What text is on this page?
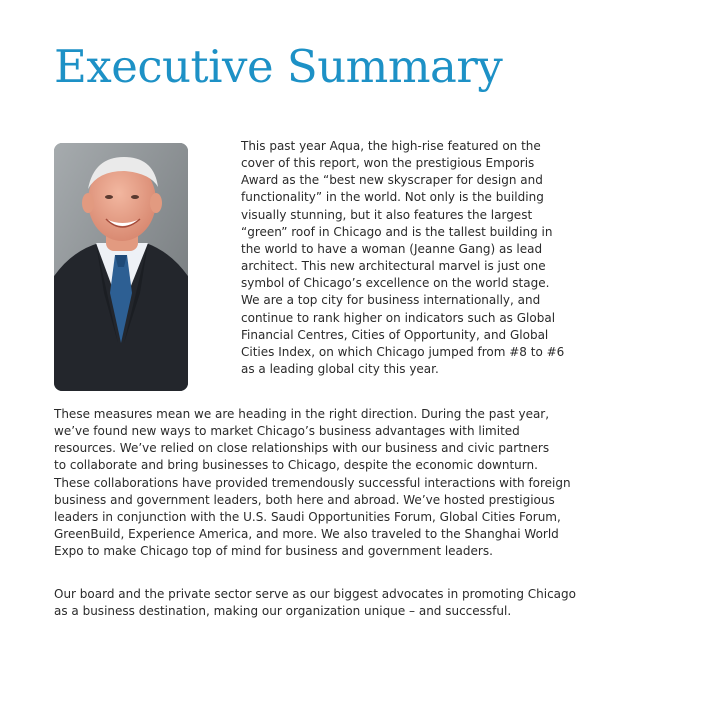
Executive Summary

This past year Aqua, the high-rise featured on the
cover of this report, won the prestigious Emporis
Award as the “best new skyscraper for design and
functionality” in the world. Not only is the building
visually stunning, but it also features the largest
“green” roof in Chicago and is the tallest building in
the world to have a woman (Jeanne Gang) as lead
architect. This new architectural marvel is just one
symbol of Chicago’s excellence on the world stage.
We are a top city for business internationally, and
continue to rank higher on indicators such as Global
Financial Centres, Cities of Opportunity, and Global
Cities Index, on which Chicago jumped from #8 to #6
as a leading global city this year.

These measures mean we are heading in the right direction. During the past year,
we’ve found new ways to market Chicago’s business advantages with limited
resources. We’ve relied on close relationships with our business and civic partners
to collaborate and bring businesses to Chicago, despite the economic downturn.
These collaborations have provided tremendously successful interactions with foreign
business and government leaders, both here and abroad. We’ve hosted prestigious
leaders in conjunction with the U.S. Saudi Opportunities Forum, Global Cities Forum,
GreenBuild, Experience America, and more. We also traveled to the Shanghai World
Expo to make Chicago top of mind for business and government leaders.

Our board and the private sector serve as our biggest advocates in promoting Chicago
as a business destination, making our organization unique – and successful.
